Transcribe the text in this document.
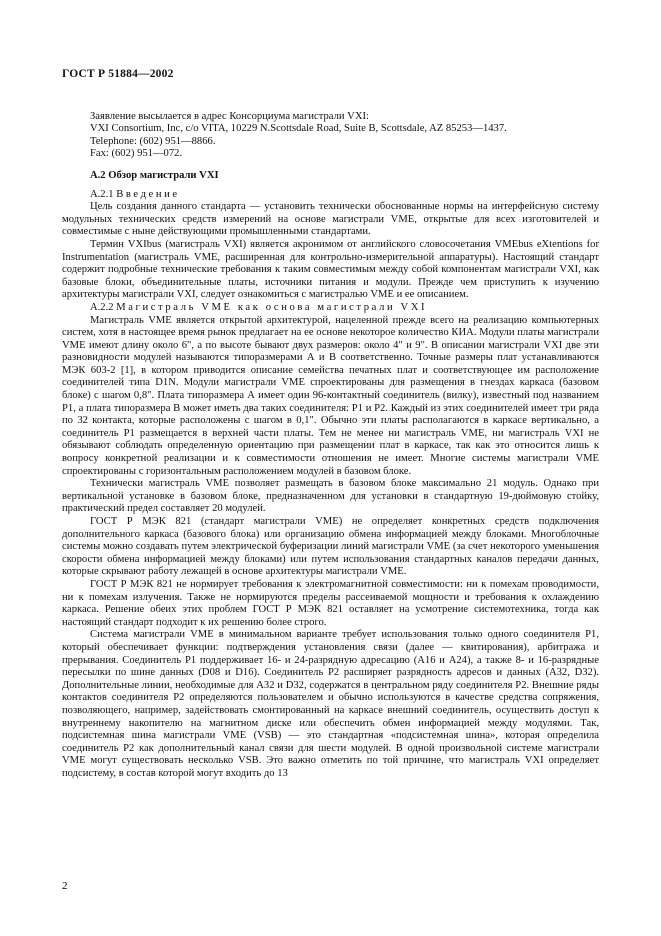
ГОСТ Р 51884—2002
Заявление высылается в адрес Консорциума магистрали VXI:
VXI Consortium, Inc, c/o VITA, 10229 N.Scottsdale Road, Suite B, Scottsdale, AZ 85253—1437.
Telephone: (602) 951—8866.
Fax: (602) 951—072.
А.2 Обзор магистрали VXI
А.2.1 Введение

Цель создания данного стандарта — установить технически обоснованные нормы на интерфейсную систему модульных технических средств измерений на основе магистрали VME, открытые для всех изготовителей и совместимые с ныне действующими промышленными стандартами.

Термин VXIbus (магистраль VXI) является акронимом от английского словосочетания VMEbus eXtentions for Instrumentation (магистраль VME, расширенная для контрольно-измерительной аппаратуры). Настоящий стандарт содержит подробные технические требования к таким совместимым между собой компонентам магистрали VXI, как базовые блоки, объединительные платы, источники питания и модули. Прежде чем приступить к изучению архитектуры магистрали VXI, следует ознакомиться с магистралью VME и ее описанием.

А.2.2 Магистраль VME как основа магистрали VXI

Магистраль VME является открытой архитектурой, нацеленной прежде всего на реализацию компьютерных систем, хотя в настоящее время рынок предлагает на ее основе некоторое количество КИА. Модули платы магистрали VME имеют длину около 6", а по высоте бывают двух размеров: около 4" и 9". В описании магистрали VXI две эти разновидности модулей называются типоразмерами А и В соответственно. Точные размеры плат устанавливаются МЭК 603-2 [1], в котором приводится описание семейства печатных плат и соответствующее им расположение соединителей типа D1N. Модули магистрали VME спроектированы для размещения в гнездах каркаса (базовом блоке) с шагом 0,8". Плата типоразмера А имеет один 96-контактный соединитель (вилку), известный под названием Р1, а плата типоразмера В может иметь два таких соединителя: Р1 и Р2. Каждый из этих соединителей имеет три ряда по 32 контакта, которые расположены с шагом в 0,1". Обычно эти платы располагаются в каркасе вертикально, а соединитель Р1 размещается в верхней части платы. Тем не менее ни магистраль VME, ни магистраль VXI не обязывают соблюдать определенную ориентацию при размещении плат в каркасе, так как это относится лишь к вопросу конкретной реализации и к совместимости отношения не имеет. Многие системы магистрали VME спроектированы с горизонтальным расположением модулей в базовом блоке.

Технически магистраль VME позволяет размещать в базовом блоке максимально 21 модуль. Однако при вертикальной установке в базовом блоке, предназначенном для установки в стандартную 19-дюймовую стойку, практический предел составляет 20 модулей.

ГОСТ Р МЭК 821 (стандарт магистрали VME) не определяет конкретных средств подключения дополнительного каркаса (базового блока) или организацию обмена информацией между блоками. Многоблочные системы можно создавать путем электрической буферизации линий магистрали VME (за счет некоторого уменьшения скорости обмена информацией между блоками) или путем использования стандартных каналов передачи данных, которые скрывают работу лежащей в основе архитектуры магистрали VME.

ГОСТ Р МЭК 821 не нормирует требования к электромагнитной совместимости: ни к помехам проводимости, ни к помехам излучения. Также не нормируются пределы рассеиваемой мощности и требования к охлаждению каркаса. Решение обеих этих проблем ГОСТ Р МЭК 821 оставляет на усмотрение системотехника, тогда как настоящий стандарт подходит к их решению более строго.

Система магистрали VME в минимальном варианте требует использования только одного соединителя Р1, который обеспечивает функции: подтверждения установления связи (далее — квитирования), арбитража и прерывания. Соединитель Р1 поддерживает 16- и 24-разрядную адресацию (А16 и А24), а также 8- и 16-разрядные пересылки по шине данных (D08 и D16). Соединитель Р2 расширяет разрядность адресов и данных (А32, D32). Дополнительные линии, необходимые для А32 и D32, содержатся в центральном ряду соединителя Р2. Внешние ряды контактов соединителя Р2 определяются пользователем и обычно используются в качестве средства сопряжения, позволяющего, например, задействовать смонтированный на каркасе внешний соединитель, осуществить доступ к внутреннему накопителю на магнитном диске или обеспечить обмен информацией между модулями. Так, подсистемная шина магистрали VME (VSB) — это стандартная «подсистемная шина», которая определила соединитель Р2 как дополнительный канал связи для шести модулей. В одной произвольной системе магистрали VME могут существовать несколько VSB. Это важно отметить по той причине, что магистраль VXI определяет подсистему, в состав которой могут входить до 13

2
